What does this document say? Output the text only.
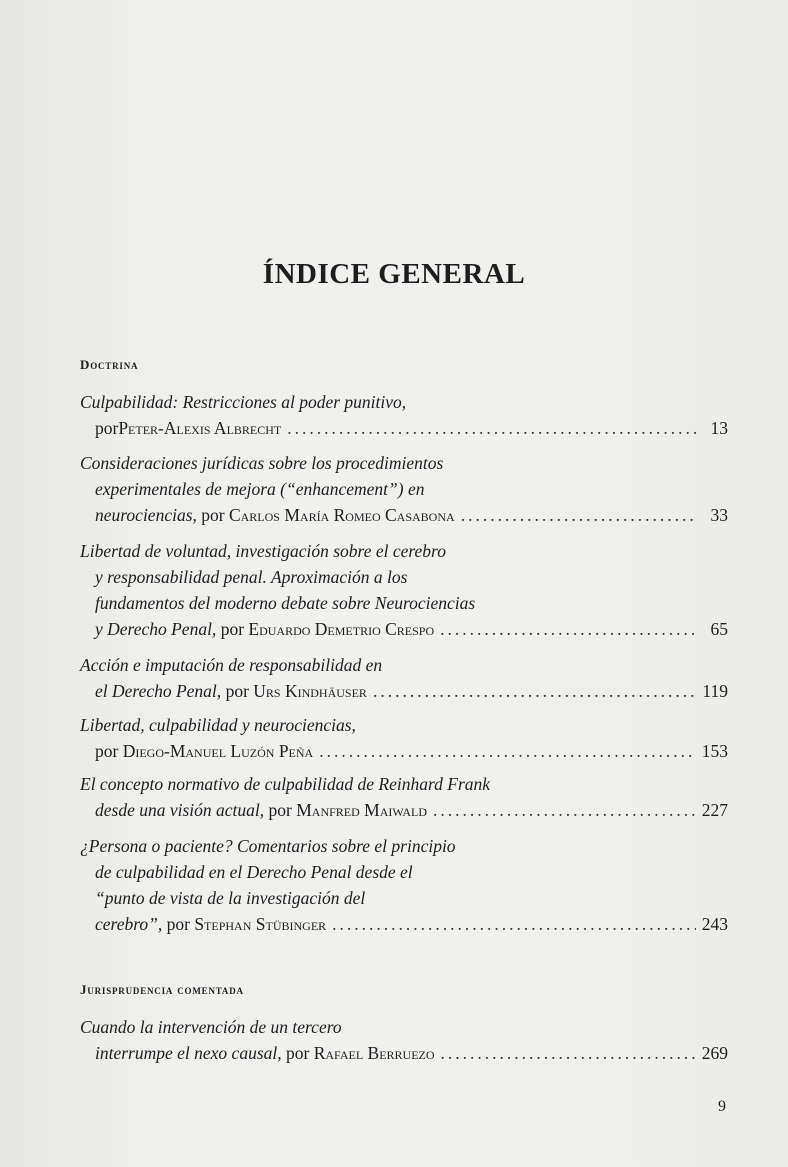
ÍNDICE GENERAL
Doctrina
Culpabilidad: Restricciones al poder punitivo,
por Peter-Alexis Albrecht .....	13
Consideraciones jurídicas sobre los procedimientos
experimentales de mejora (“enhancement”) en
neurociencias, por Carlos María Romeo Casabona .....	33
Libertad de voluntad, investigación sobre el cerebro
y responsabilidad penal. Aproximación a los
fundamentos del moderno debate sobre Neurociencias
y Derecho Penal, por Eduardo Demetrio Crespo .....	65
Acción e imputación de responsabilidad en
el Derecho Penal, por Urs Kindhäuser .....	119
Libertad, culpabilidad y neurociencias,
por Diego-Manuel Luzón Peña .....	153
El concepto normativo de culpabilidad de Reinhard Frank
desde una visión actual, por Manfred Maiwald .....	227
¿Persona o paciente? Comentarios sobre el principio
de culpabilidad en el Derecho Penal desde el
“punto de vista de la investigación del
cerebro”, por Stephan Stübinger .....	243
Jurisprudencia comentada
Cuando la intervención de un tercero
interrumpe el nexo causal, por Rafael Berruezo .....	269
9
